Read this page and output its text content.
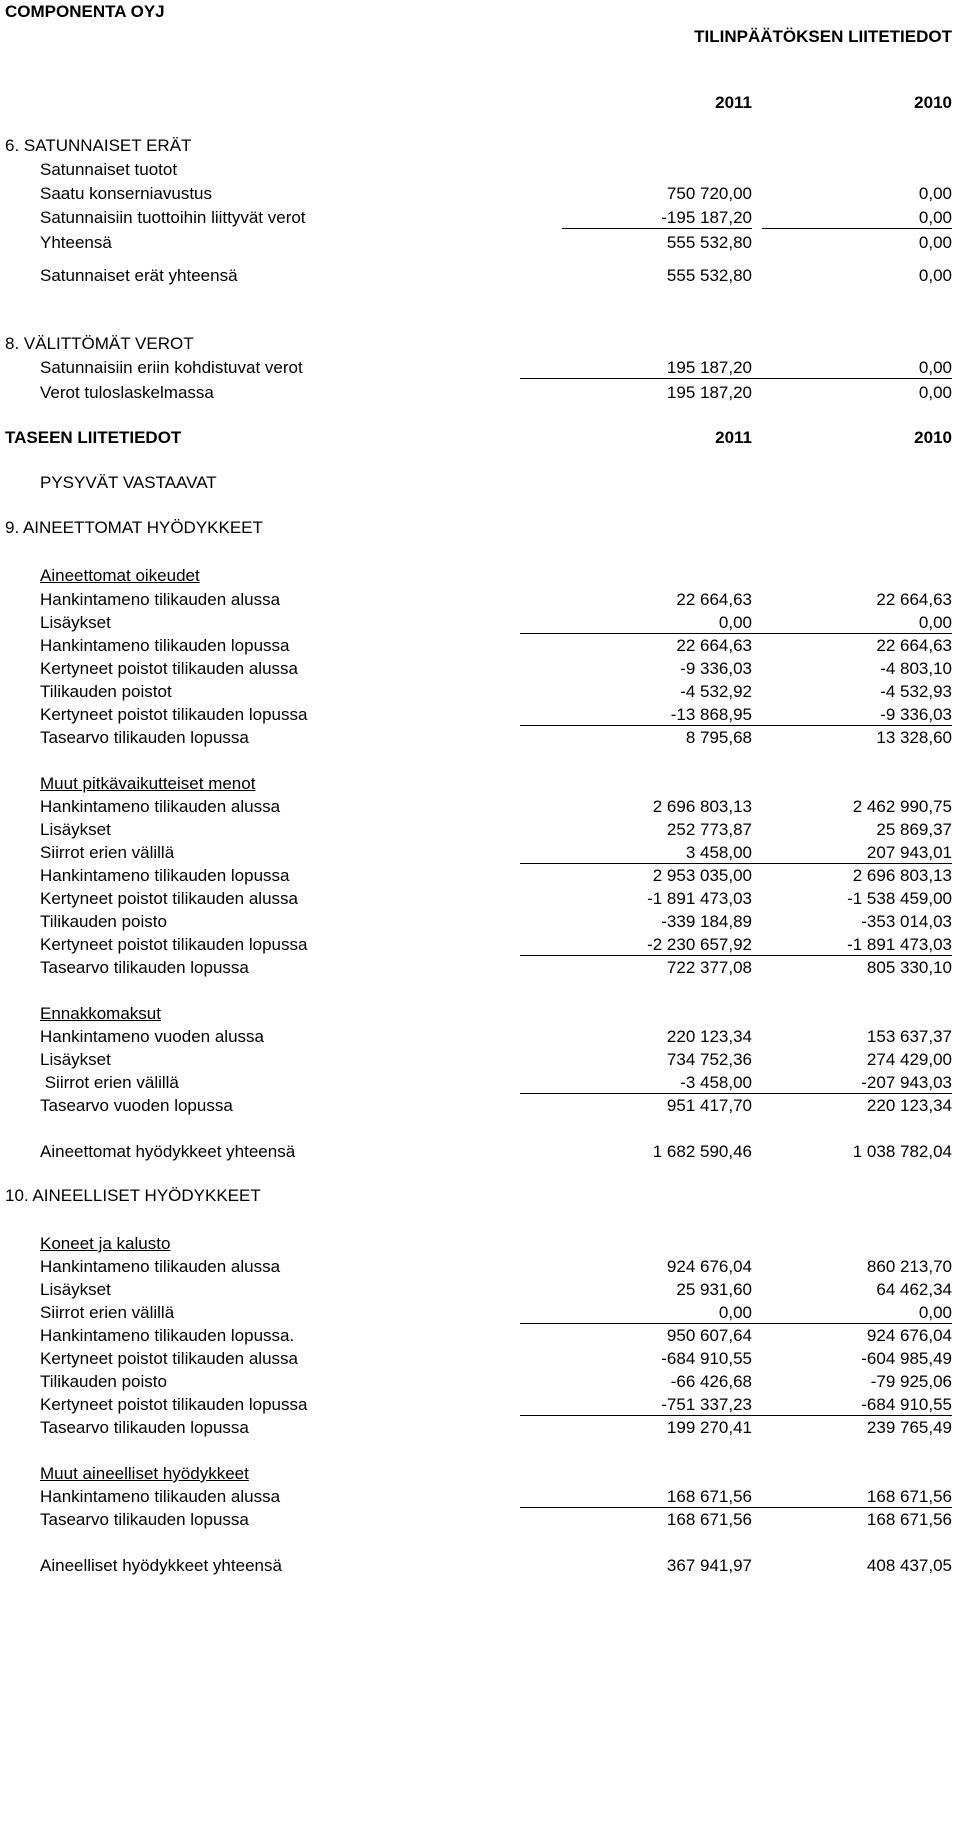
COMPONENTA OYJ
TILINPÄÄTÖKSEN LIITETIEDOT
2011	2010
6. SATUNNAISET ERÄT
Satunnaiset tuotot
Saatu konserniavustus	750 720,00	0,00
Satunnaisiin tuottoihin liittyvät verot	-195 187,20	0,00
Yhteensä	555 532,80	0,00
Satunnaiset erät yhteensä	555 532,80	0,00
8. VÄLITTÖMÄT VEROT
Satunnaisiin eriin kohdistuvat verot	195 187,20	0,00
Verot tuloslaskelmassa	195 187,20	0,00
TASEEN LIITETIEDOT	2011	2010
PYSYVÄT VASTAAVAT
9. AINEETTOMAT HYÖDYKKEET
Aineettomat oikeudet
Hankintameno tilikauden alussa	22 664,63	22 664,63
Lisäykset	0,00	0,00
Hankintameno tilikauden lopussa	22 664,63	22 664,63
Kertyneet poistot tilikauden alussa	-9 336,03	-4 803,10
Tilikauden poistot	-4 532,92	-4 532,93
Kertyneet poistot tilikauden lopussa	-13 868,95	-9 336,03
Tasearvo tilikauden lopussa	8 795,68	13 328,60
Muut pitkävaikutteiset menot
Hankintameno tilikauden alussa	2 696 803,13	2 462 990,75
Lisäykset	252 773,87	25 869,37
Siirrot erien välillä	3 458,00	207 943,01
Hankintameno tilikauden lopussa	2 953 035,00	2 696 803,13
Kertyneet poistot tilikauden alussa	-1 891 473,03	-1 538 459,00
Tilikauden poisto	-339 184,89	-353 014,03
Kertyneet poistot tilikauden lopussa	-2 230 657,92	-1 891 473,03
Tasearvo tilikauden lopussa	722 377,08	805 330,10
Ennakkomaksut
Hankintameno vuoden alussa	220 123,34	153 637,37
Lisäykset	734 752,36	274 429,00
Siirrot erien välillä	-3 458,00	-207 943,03
Tasearvo vuoden lopussa	951 417,70	220 123,34
Aineettomat hyödykkeet yhteensä	1 682 590,46	1 038 782,04
10. AINEELLISET HYÖDYKKEET
Koneet ja kalusto
Hankintameno tilikauden alussa	924 676,04	860 213,70
Lisäykset	25 931,60	64 462,34
Siirrot erien välillä	0,00	0,00
Hankintameno tilikauden lopussa.	950 607,64	924 676,04
Kertyneet poistot tilikauden alussa	-684 910,55	-604 985,49
Tilikauden poisto	-66 426,68	-79 925,06
Kertyneet poistot tilikauden lopussa	-751 337,23	-684 910,55
Tasearvo tilikauden lopussa	199 270,41	239 765,49
Muut aineelliset hyödykkeet
Hankintameno tilikauden alussa	168 671,56	168 671,56
Tasearvo tilikauden lopussa	168 671,56	168 671,56
Aineelliset hyödykkeet yhteensä	367 941,97	408 437,05
